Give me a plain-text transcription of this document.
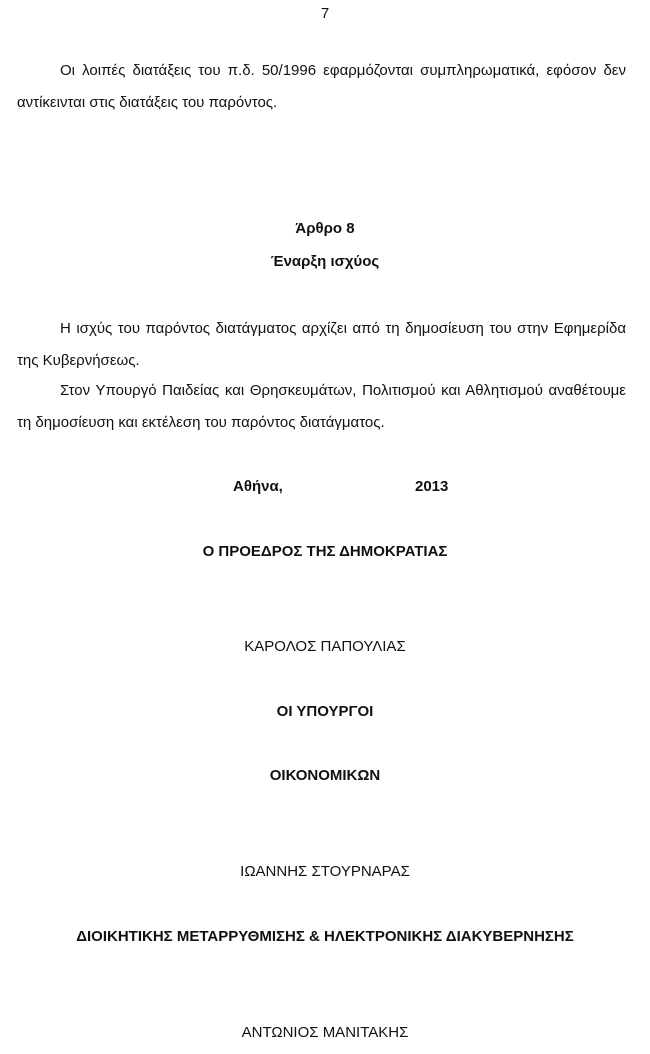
7

Οι λοιπές διατάξεις του π.δ. 50/1996 εφαρμόζονται συμπληρωματικά, εφόσον δεν αντίκεινται στις διατάξεις του παρόντος.

Άρθρο 8

Έναρξη ισχύος

Η ισχύς του παρόντος διατάγματος αρχίζει από τη δημοσίευση του στην Εφημερίδα της Κυβερνήσεως.

Στον Υπουργό Παιδείας και Θρησκευμάτων, Πολιτισμού και Αθλητισμού αναθέτουμε τη δημοσίευση και εκτέλεση του παρόντος διατάγματος.

Αθήνα,	2013

Ο ΠΡΟΕΔΡΟΣ ΤΗΣ ΔΗΜΟΚΡΑΤΙΑΣ

ΚΑΡΟΛΟΣ ΠΑΠΟΥΛΙΑΣ

ΟΙ ΥΠΟΥΡΓΟΙ

ΟΙΚΟΝΟΜΙΚΩΝ

ΙΩΑΝΝΗΣ ΣΤΟΥΡΝΑΡΑΣ

ΔΙΟΙΚΗΤΙΚΗΣ ΜΕΤΑΡΡΥΘΜΙΣΗΣ & ΗΛΕΚΤΡΟΝΙΚΗΣ ΔΙΑΚΥΒΕΡΝΗΣΗΣ

ΑΝΤΩΝΙΟΣ ΜΑΝΙΤΑΚΗΣ
